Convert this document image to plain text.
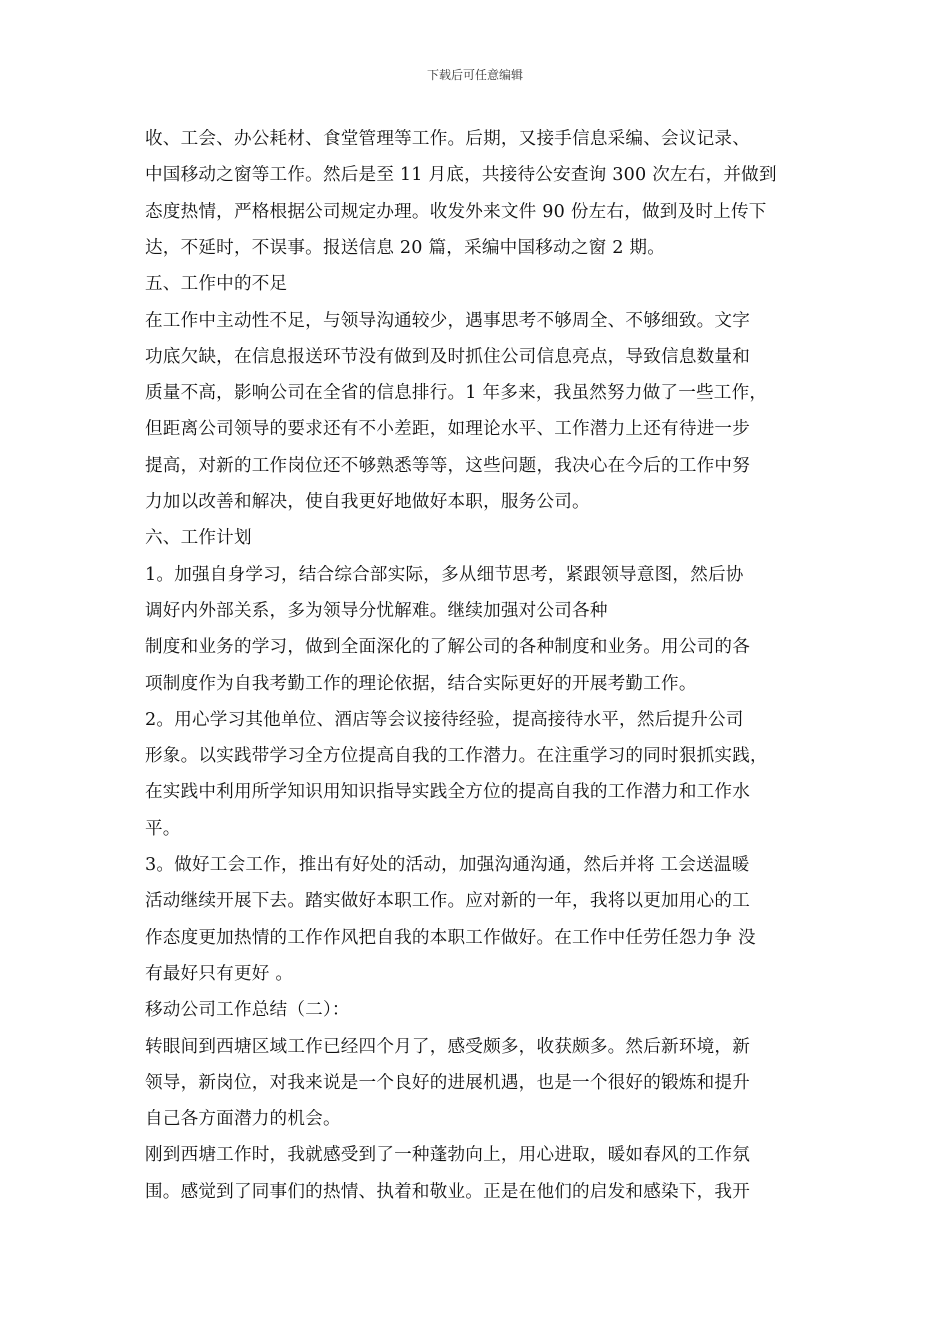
下载后可任意编辑
收、工会、办公耗材、食堂管理等工作。后期，又接手信息采编、会议记录、
中国移动之窗等工作。然后是至 11 月底，共接待公安查询 300 次左右，并做到
态度热情，严格根据公司规定办理。收发外来文件 90 份左右，做到及时上传下
达，不延时，不误事。报送信息 20 篇，采编中国移动之窗 2 期。
五、工作中的不足
在工作中主动性不足，与领导沟通较少，遇事思考不够周全、不够细致。文字
功底欠缺，在信息报送环节没有做到及时抓住公司信息亮点，导致信息数量和
质量不高，影响公司在全省的信息排行。1 年多来，我虽然努力做了一些工作，
但距离公司领导的要求还有不小差距，如理论水平、工作潜力上还有待进一步
提高，对新的工作岗位还不够熟悉等等，这些问题，我决心在今后的工作中努
力加以改善和解决，使自我更好地做好本职，服务公司。
六、工作计划
1。加强自身学习，结合综合部实际，多从细节思考，紧跟领导意图，然后协
调好内外部关系，多为领导分忧解难。继续加强对公司各种
制度和业务的学习，做到全面深化的了解公司的各种制度和业务。用公司的各
项制度作为自我考勤工作的理论依据，结合实际更好的开展考勤工作。
2。用心学习其他单位、酒店等会议接待经验，提高接待水平，然后提升公司
形象。以实践带学习全方位提高自我的工作潜力。在注重学习的同时狠抓实践，
在实践中利用所学知识用知识指导实践全方位的提高自我的工作潜力和工作水
平。
3。做好工会工作，推出有好处的活动，加强沟通沟通，然后并将 工会送温暖
活动继续开展下去。踏实做好本职工作。应对新的一年，我将以更加用心的工
作态度更加热情的工作作风把自我的本职工作做好。在工作中任劳任怨力争 没
有最好只有更好 。
移动公司工作总结（二）：
转眼间到西塘区域工作已经四个月了，感受颇多，收获颇多。然后新环境，新
领导，新岗位，对我来说是一个良好的进展机遇，也是一个很好的锻炼和提升
自己各方面潜力的机会。
刚到西塘工作时，我就感受到了一种蓬勃向上，用心进取，暖如春风的工作氛
围。感觉到了同事们的热情、执着和敬业。正是在他们的启发和感染下，我开
